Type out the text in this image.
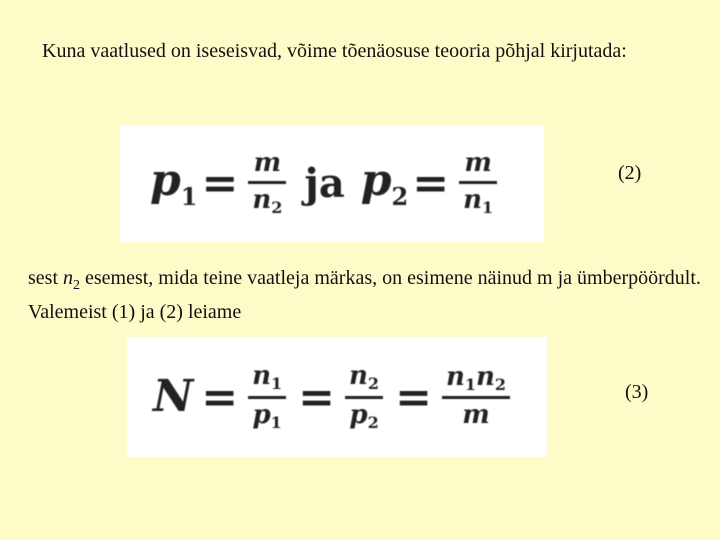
Kuna vaatlused on iseseisvad, võime tõenäosuse teooria põhjal kirjutada:
$p_1 = \frac{m}{n2}$ ja $p_2 = \frac{m}{n1}$	(2)
sest $n_2$ esemest, mida teine vaatleja märkas, on esimene näinud m ja ümberpöördult. Valemeist (1) ja (2) leiame
$N = \frac{n1}{p1} = \frac{n2}{p2} = \frac{n1n2}{m}$	(3)
